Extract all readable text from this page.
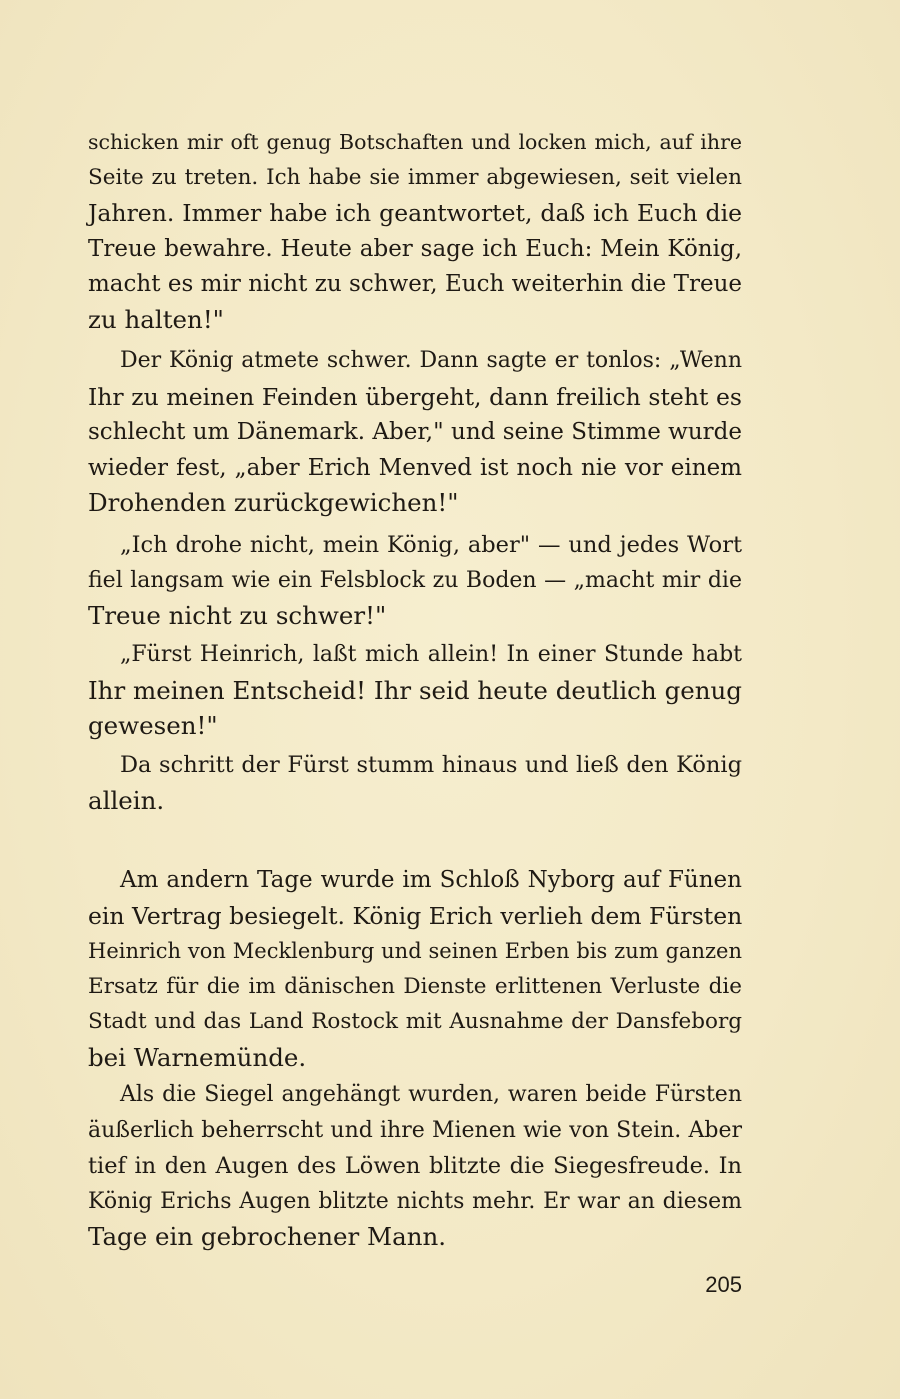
schicken mir oft genug Botschaften und locken mich, auf ihre
Seite zu treten. Ich habe sie immer abgewiesen, seit vielen
Jahren. Immer habe ich geantwortet, daß ich Euch die
Treue bewahre. Heute aber sage ich Euch: Mein König,
macht es mir nicht zu schwer, Euch weiterhin die Treue
zu halten!"
Der König atmete schwer. Dann sagte er tonlos: „Wenn
Ihr zu meinen Feinden übergeht, dann freilich steht es
schlecht um Dänemark. Aber," und seine Stimme wurde
wieder fest, „aber Erich Menved ist noch nie vor einem
Drohenden zurückgewichen!"
„Ich drohe nicht, mein König, aber" — und jedes Wort
fiel langsam wie ein Felsblock zu Boden — „macht mir die
Treue nicht zu schwer!"
„Fürst Heinrich, laßt mich allein! In einer Stunde habt
Ihr meinen Entscheid! Ihr seid heute deutlich genug
gewesen!"
Da schritt der Fürst stumm hinaus und ließ den König
allein.
Am andern Tage wurde im Schloß Nyborg auf Fünen
ein Vertrag besiegelt. König Erich verlieh dem Fürsten
Heinrich von Mecklenburg und seinen Erben bis zum ganzen
Ersatz für die im dänischen Dienste erlittenen Verluste die
Stadt und das Land Rostock mit Ausnahme der Dansfeborg
bei Warnemünde.
Als die Siegel angehängt wurden, waren beide Fürsten
äußerlich beherrscht und ihre Mienen wie von Stein. Aber
tief in den Augen des Löwen blitzte die Siegesfreude. In
König Erichs Augen blitzte nichts mehr. Er war an diesem
Tage ein gebrochener Mann.
205
